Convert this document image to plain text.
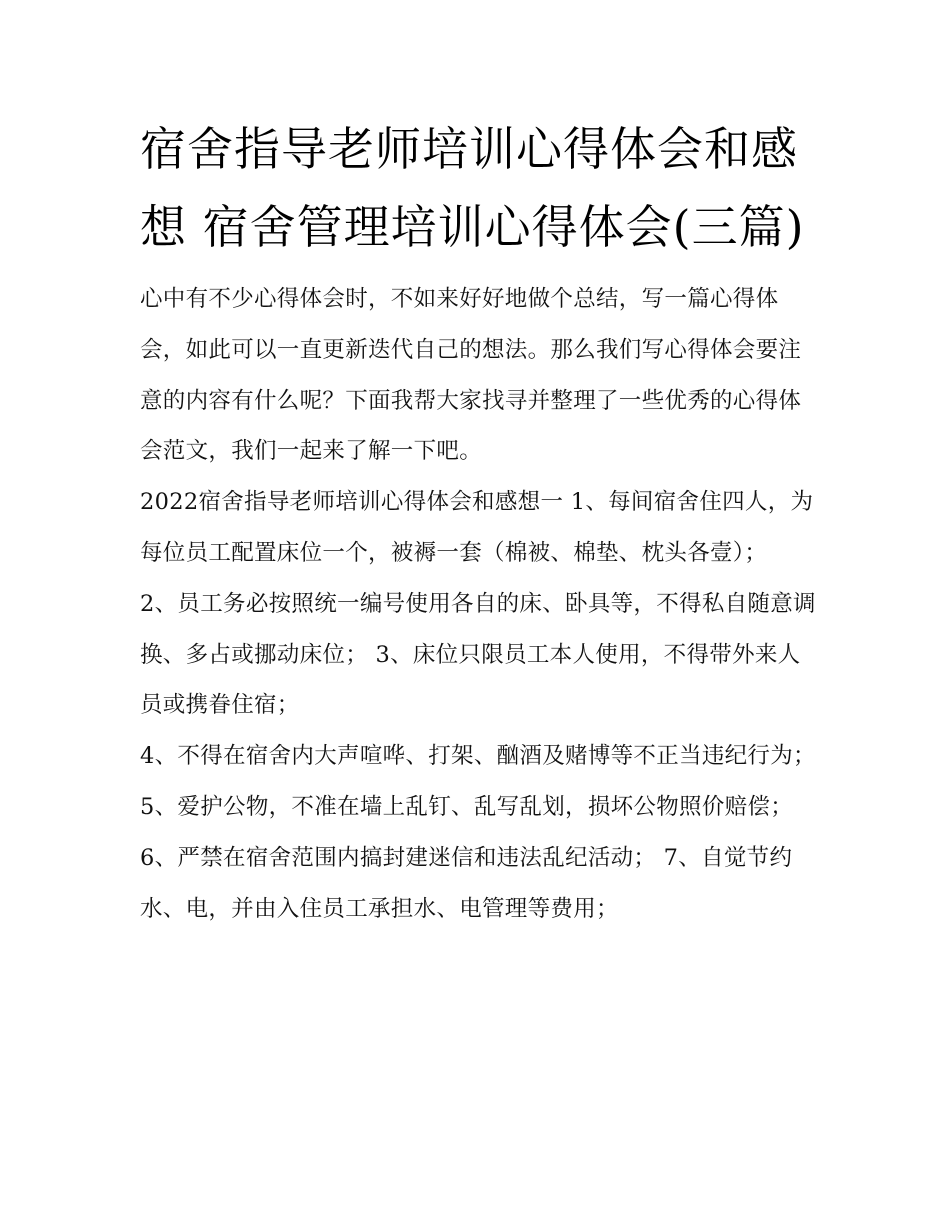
宿舍指导老师培训心得体会和感想 宿舍管理培训心得体会(三篇)

心中有不少心得体会时，不如来好好地做个总结，写一篇心得体会，如此可以一直更新迭代自己的想法。那么我们写心得体会要注意的内容有什么呢？下面我帮大家找寻并整理了一些优秀的心得体会范文，我们一起来了解一下吧。

2022宿舍指导老师培训心得体会和感想一 1、每间宿舍住四人，为每位员工配置床位一个，被褥一套（棉被、棉垫、枕头各壹）；

2、员工务必按照统一编号使用各自的床、卧具等，不得私自随意调换、多占或挪动床位； 3、床位只限员工本人使用，不得带外来人员或携眷住宿；

4、不得在宿舍内大声喧哗、打架、酗酒及赌博等不正当违纪行为； 5、爱护公物，不准在墙上乱钉、乱写乱划，损坏公物照价赔偿；

6、严禁在宿舍范围内搞封建迷信和违法乱纪活动； 7、自觉节约水、电，并由入住员工承担水、电管理等费用；
